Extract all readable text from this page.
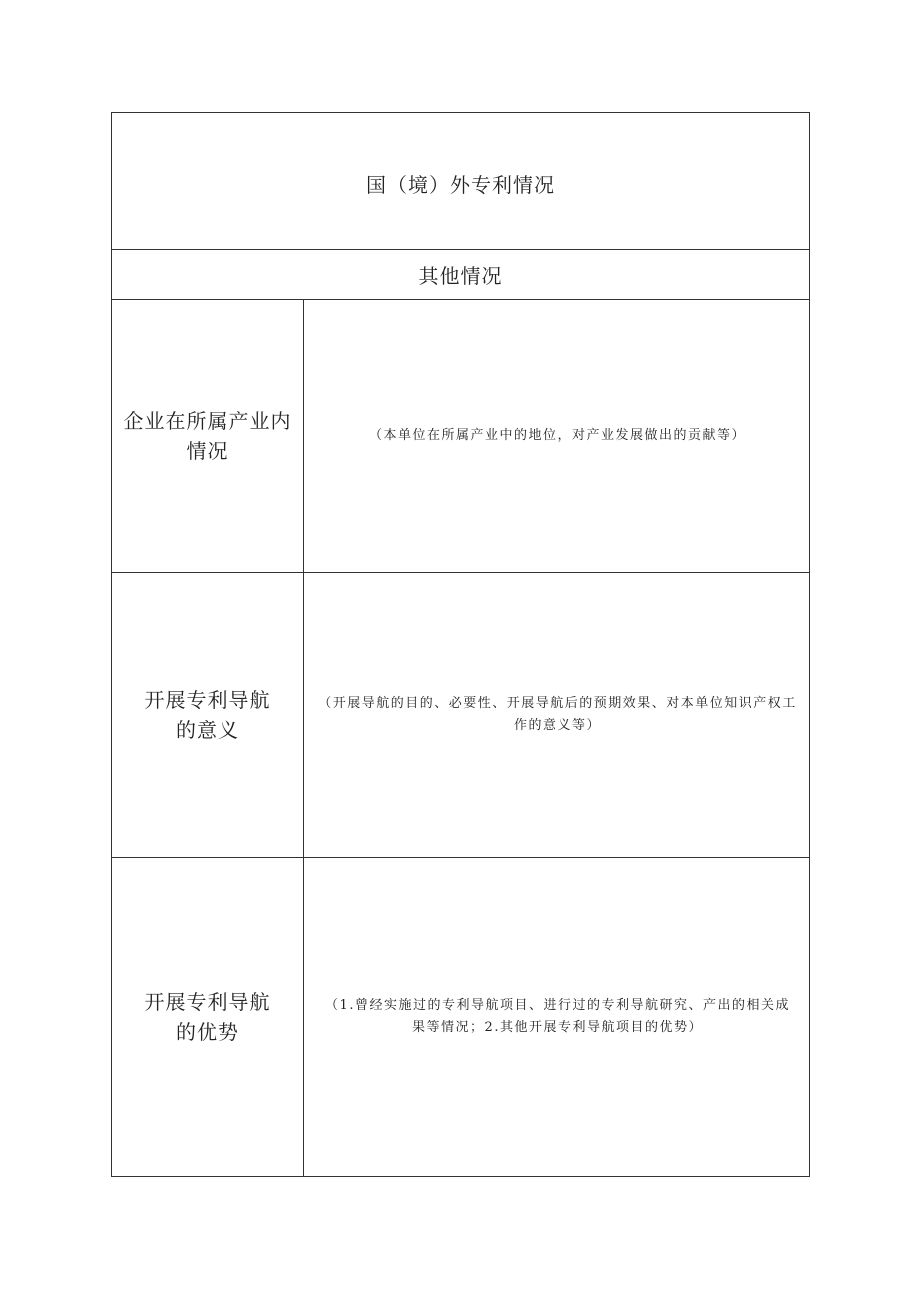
国（境）外专利情况	
其他情况	

企业在所属产业内情况	（本单位在所属产业中的地位，对产业发展做出的贡献等）

开展专利导航的意义	（开展导航的目的、必要性、开展导航后的预期效果、对本单位知识产权工作的意义等）

开展专利导航的优势	（1.曾经实施过的专利导航项目、进行过的专利导航研究、产出的相关成果等情况；2.其他开展专利导航项目的优势）
